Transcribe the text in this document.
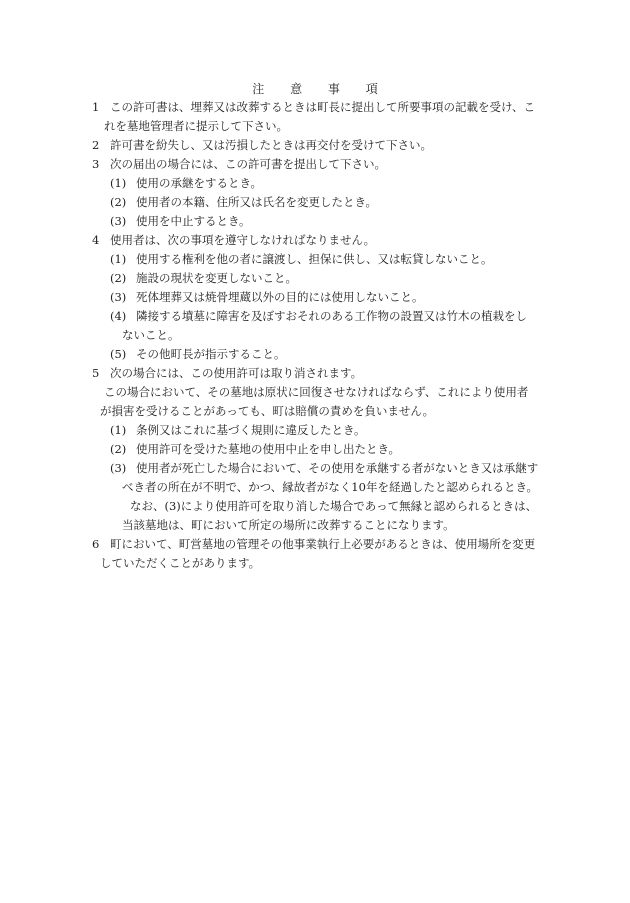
注 意 事 項
1 この許可書は、埋葬又は改葬するときは町長に提出して所要事項の記載を受け、こ
れを墓地管理者に提示して下さい。
2 許可書を紛失し、又は汚損したときは再交付を受けて下さい。
3 次の届出の場合には、この許可書を提出して下さい。
(1) 使用の承継をするとき。
(2) 使用者の本籍、住所又は氏名を変更したとき。
(3) 使用を中止するとき。
4 使用者は、次の事項を遵守しなければなりません。
(1) 使用する権利を他の者に譲渡し、担保に供し、又は転貸しないこと。
(2) 施設の現状を変更しないこと。
(3) 死体埋葬又は焼骨埋蔵以外の目的には使用しないこと。
(4) 隣接する墳墓に障害を及ぼすおそれのある工作物の設置又は竹木の植栽をし
ないこと。
(5) その他町長が指示すること。
5 次の場合には、この使用許可は取り消されます。
この場合において、その墓地は原状に回復させなければならず、これにより使用者
が損害を受けることがあっても、町は賠償の責めを負いません。
(1) 条例又はこれに基づく規則に違反したとき。
(2) 使用許可を受けた墓地の使用中止を申し出たとき。
(3) 使用者が死亡した場合において、その使用を承継する者がないとき又は承継す
べき者の所在が不明で、かつ、縁故者がなく10年を経過したと認められるとき。
なお、(3)により使用許可を取り消した場合であって無縁と認められるときは、
当該墓地は、町において所定の場所に改葬することになります。
6 町において、町営墓地の管理その他事業執行上必要があるときは、使用場所を変更
していただくことがあります。
